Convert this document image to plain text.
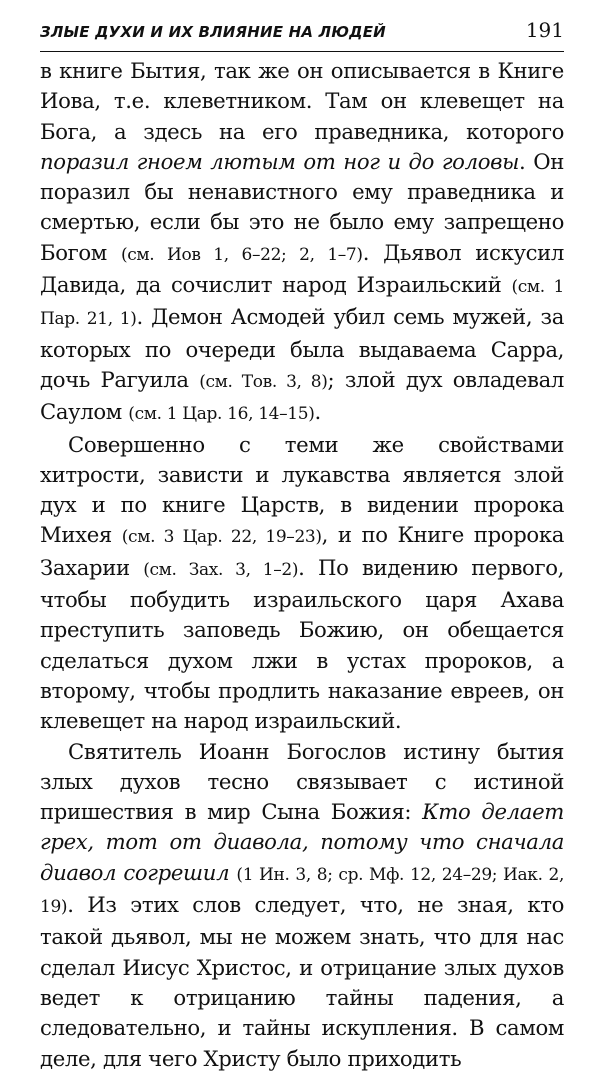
ЗЛЫЕ ДУХИ И ИХ ВЛИЯНИЕ НА ЛЮДЕЙ	191

в книге Бытия, так же он описывается в Книге Иова, т.е. клеветником. Там он клевещет на Бога, а здесь на его праведника, которого поразил гноем лютым от ног и до головы. Он поразил бы ненавистного ему праведника и смертью, если бы это не было ему запрещено Богом (см. Иов 1, 6–22; 2, 1–7). Дьявол искусил Давида, да сочислит народ Израильский (см. 1 Пар. 21, 1). Демон Асмодей убил семь мужей, за которых по очереди была выдаваема Сарра, дочь Рагуила (см. Тов. 3, 8); злой дух овладевал Саулом (см. 1 Цар. 16, 14–15).

Совершенно с теми же свойствами хитрости, зависти и лукавства является злой дух и по книге Царств, в видении пророка Михея (см. 3 Цар. 22, 19–23), и по Книге пророка Захарии (см. Зах. 3, 1–2). По видению первого, чтобы побудить израильского царя Ахава преступить заповедь Божию, он обещается сделаться духом лжи в устах пророков, а второму, чтобы продлить наказание евреев, он клевещет на народ израильский.

Святитель Иоанн Богослов истину бытия злых духов тесно связывает с истиной пришествия в мир Сына Божия: Кто делает грех, тот от диавола, потому что сначала диавол согрешил (1 Ин. 3, 8; ср. Мф. 12, 24–29; Иак. 2, 19). Из этих слов следует, что, не зная, кто такой дьявол, мы не можем знать, что для нас сделал Иисус Христос, и отрицание злых духов ведет к отрицанию тайны падения, а следовательно, и тайны искупления. В самом деле, для чего Христу было приходить
